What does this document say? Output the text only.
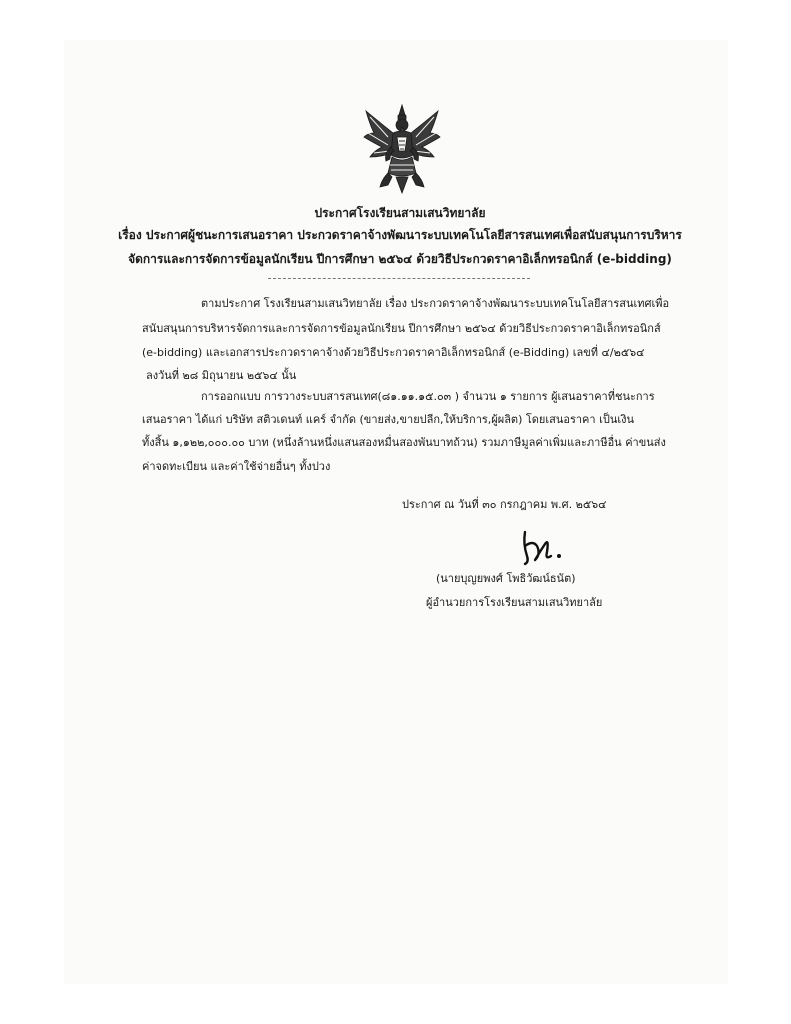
ประกาศโรงเรียนสามเสนวิทยาลัย
เรื่อง ประกาศผู้ชนะการเสนอราคา ประกวดราคาจ้างพัฒนาระบบเทคโนโลยีสารสนเทศเพื่อสนับสนุนการบริหาร
จัดการและการจัดการข้อมูลนักเรียน ปีการศึกษา ๒๕๖๔ ด้วยวิธีประกวดราคาอิเล็กทรอนิกส์ (e-bidding)
ตามประกาศ โรงเรียนสามเสนวิทยาลัย เรื่อง ประกวดราคาจ้างพัฒนาระบบเทคโนโลยีสารสนเทศเพื่อ
สนับสนุนการบริหารจัดการและการจัดการข้อมูลนักเรียน ปีการศึกษา ๒๕๖๔ ด้วยวิธีประกวดราคาอิเล็กทรอนิกส์
(e-bidding) และเอกสารประกวดราคาจ้างด้วยวิธีประกวดราคาอิเล็กทรอนิกส์ (e-Bidding) เลขที่ ๔/๒๕๖๔
ลงวันที่ ๒๘ มิถุนายน ๒๕๖๔ นั้น
การออกแบบ การวางระบบสารสนเทศ(๘๑.๑๑.๑๕.๐๓ ) จำนวน ๑ รายการ ผู้เสนอราคาที่ชนะการ
เสนอราคา ได้แก่ บริษัท สติวเดนท์ แคร์ จำกัด (ขายส่ง,ขายปลีก,ให้บริการ,ผู้ผลิต) โดยเสนอราคา เป็นเงิน
ทั้งสิ้น ๑,๑๒๒,๐๐๐.๐๐ บาท (หนึ่งล้านหนึ่งแสนสองหมื่นสองพันบาทถ้วน) รวมภาษีมูลค่าเพิ่มและภาษีอื่น ค่าขนส่ง
ค่าจดทะเบียน และค่าใช้จ่ายอื่นๆ ทั้งปวง
ประกาศ ณ วันที่ ๓๐ กรกฎาคม พ.ศ. ๒๕๖๔
(นายบุญยพงศ์ โพธิวัฒน์ธนัต)
ผู้อำนวยการโรงเรียนสามเสนวิทยาลัย
